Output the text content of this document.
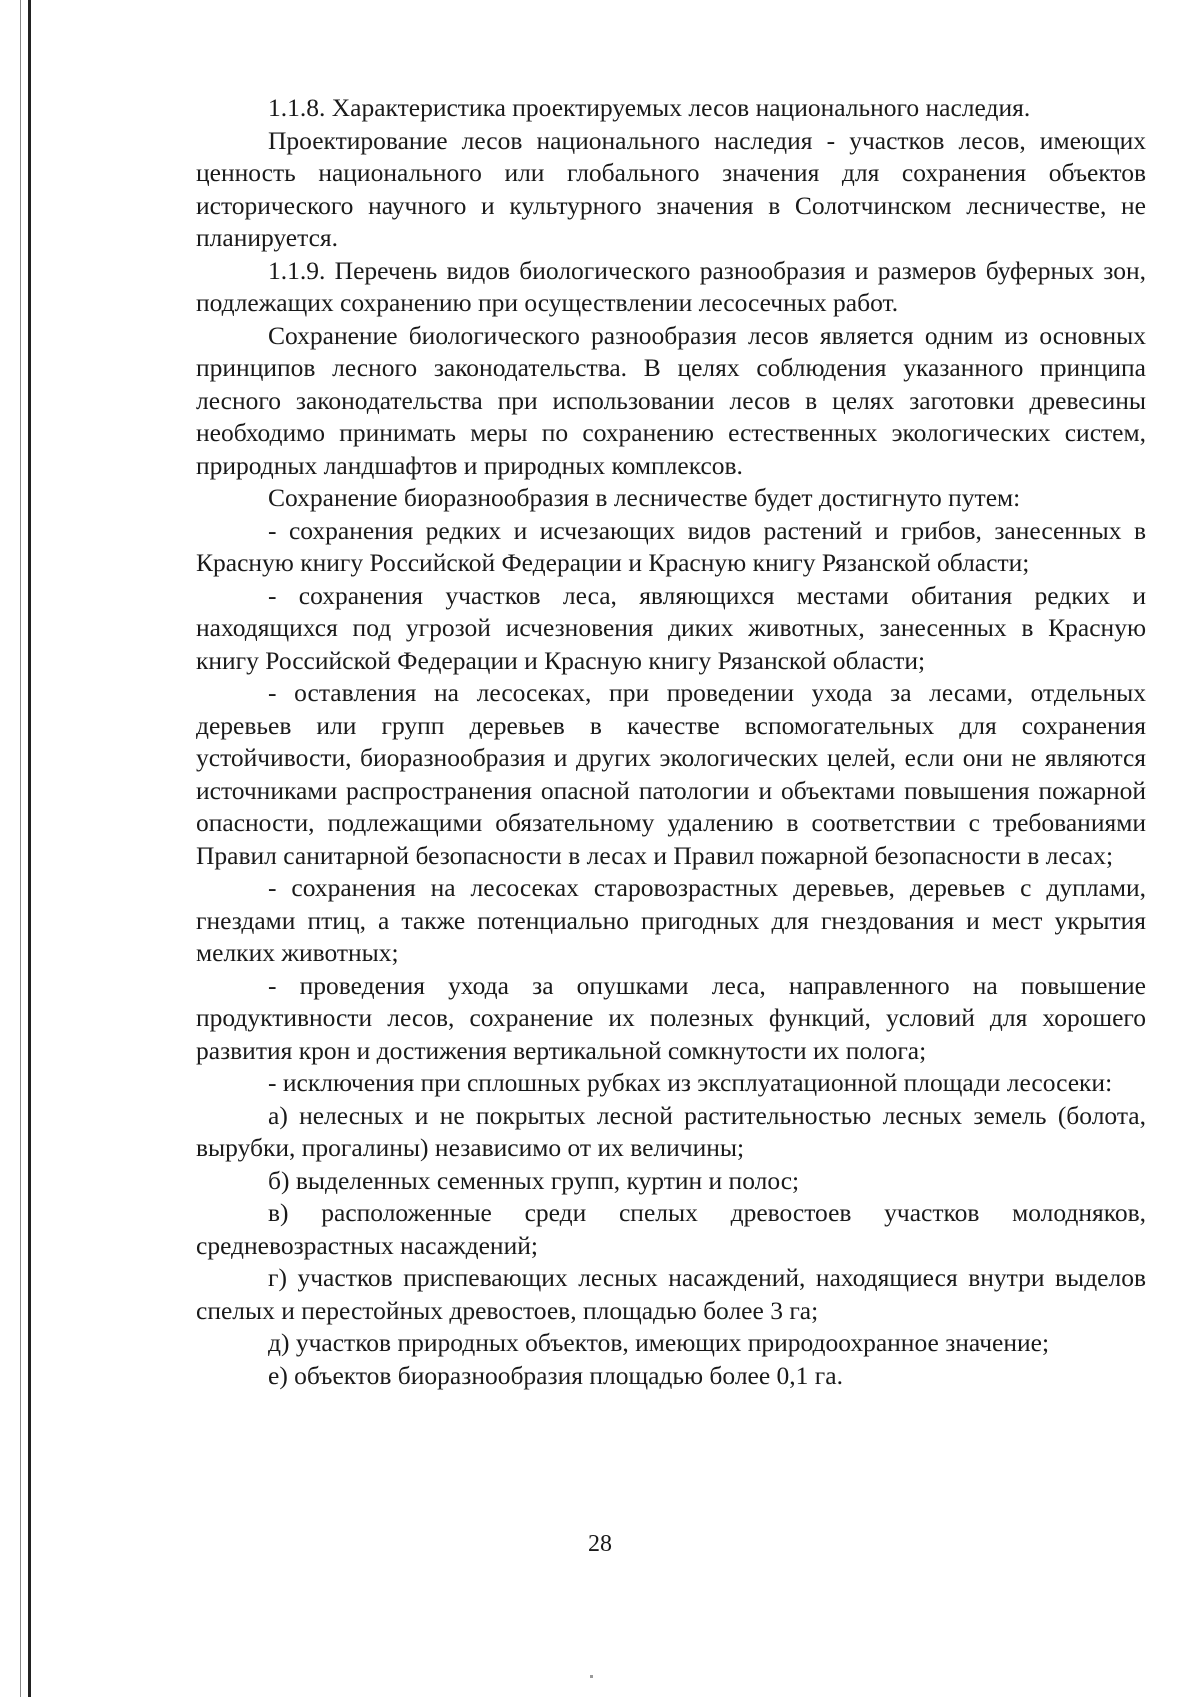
1.1.8. Характеристика проектируемых лесов национального наследия.

Проектирование лесов национального наследия - участков лесов, имеющих ценность национального или глобального значения для сохранения объектов исторического научного и культурного значения в Солотчинском лесничестве, не планируется.

1.1.9. Перечень видов биологического разнообразия и размеров буферных зон, подлежащих сохранению при осуществлении лесосечных работ.

Сохранение биологического разнообразия лесов является одним из основных принципов лесного законодательства. В целях соблюдения указанного принципа лесного законодательства при использовании лесов в целях заготовки древесины необходимо принимать меры по сохранению естественных экологических систем, природных ландшафтов и природных комплексов.

Сохранение биоразнообразия в лесничестве будет достигнуто путем:

- сохранения редких и исчезающих видов растений и грибов, занесенных в Красную книгу Российской Федерации и Красную книгу Рязанской области;

- сохранения участков леса, являющихся местами обитания редких и находящихся под угрозой исчезновения диких животных, занесенных в Красную книгу Российской Федерации и Красную книгу Рязанской области;

- оставления на лесосеках, при проведении ухода за лесами, отдельных деревьев или групп деревьев в качестве вспомогательных для сохранения устойчивости, биоразнообразия и других экологических целей, если они не являются источниками распространения опасной патологии и объектами повышения пожарной опасности, подлежащими обязательному удалению в соответствии с требованиями Правил санитарной безопасности в лесах и Правил пожарной безопасности в лесах;

- сохранения на лесосеках старовозрастных деревьев, деревьев с дуплами, гнездами птиц, а также потенциально пригодных для гнездования и мест укрытия мелких животных;

- проведения ухода за опушками леса, направленного на повышение продуктивности лесов, сохранение их полезных функций, условий для хорошего развития крон и достижения вертикальной сомкнутости их полога;

- исключения при сплошных рубках из эксплуатационной площади лесосеки:

а) нелесных и не покрытых лесной растительностью лесных земель (болота, вырубки, прогалины) независимо от их величины;

б) выделенных семенных групп, куртин и полос;

в) расположенные среди спелых древостоев участков молодняков, средневозрастных насаждений;

г) участков приспевающих лесных насаждений, находящиеся внутри выделов спелых и перестойных древостоев, площадью более 3 га;

д) участков природных объектов, имеющих природоохранное значение;

е) объектов биоразнообразия площадью более 0,1 га.

28
